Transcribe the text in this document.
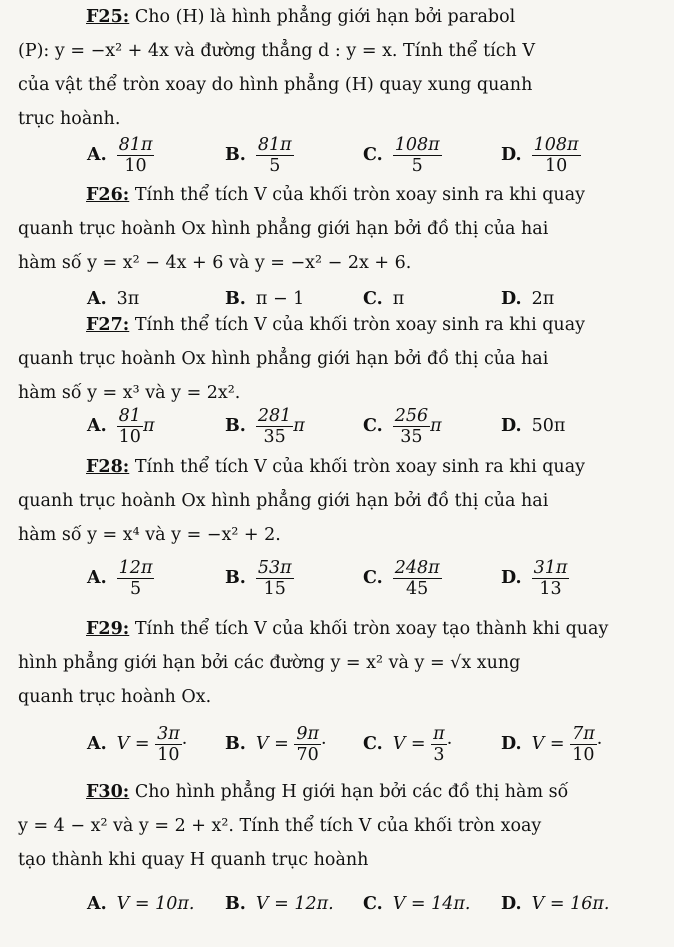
F25: Cho (H) là hình phẳng giới hạn bởi parabol

(P): y = −x² + 4x và đường thẳng d : y = x. Tính thể tích V

của vật thể tròn xoay do hình phẳng (H) quay xung quanh

trục hoành.

A. $\frac{81\pi}{10}$	B. $\frac{81\pi}{5}$	C. $\frac{108\pi}{5}$	D. $\frac{108\pi}{10}$

F26: Tính thể tích V của khối tròn xoay sinh ra khi quay

quanh trục hoành Ox hình phẳng giới hạn bởi đồ thị của hai

hàm số y = x² − 4x + 6 và y = −x² − 2x + 6.

A. 3π	B. π − 1	C. π	D. 2π

F27: Tính thể tích V của khối tròn xoay sinh ra khi quay

quanh trục hoành Ox hình phẳng giới hạn bởi đồ thị của hai

hàm số y = x³ và y = 2x².

A. $\frac{81}{10}$ π	B. $\frac{281}{35}$ π	C. $\frac{256}{35}$ π	D. 50π

F28: Tính thể tích V của khối tròn xoay sinh ra khi quay

quanh trục hoành Ox hình phẳng giới hạn bởi đồ thị của hai

hàm số y = x⁴ và y = −x² + 2.

A. $\frac{12\pi}{5}$	B. $\frac{53\pi}{15}$	C. $\frac{248\pi}{45}$	D. $\frac{31\pi}{13}$

F29: Tính thể tích V của khối tròn xoay tạo thành khi quay

hình phẳng giới hạn bởi các đường y = x² và y = √x xung

quanh trục hoành Ox.

A. V =
$\frac{3\pi}{10} \cdot B$. V =
$\frac{9\pi}{70} \cdot C$. V =
$\frac{\pi}{3}$ ·	D. V =
$\frac{7\pi}{10}$ ·

F30: Cho hình phẳng H giới hạn bởi các đồ thị hàm số

y = 4 − x² và y = 2 + x². Tính thể tích V của khối tròn xoay

tạo thành khi quay H quanh trục hoành

A. V = 10π. B. V = 12π. C. V = 14π. D. V = 16π.
